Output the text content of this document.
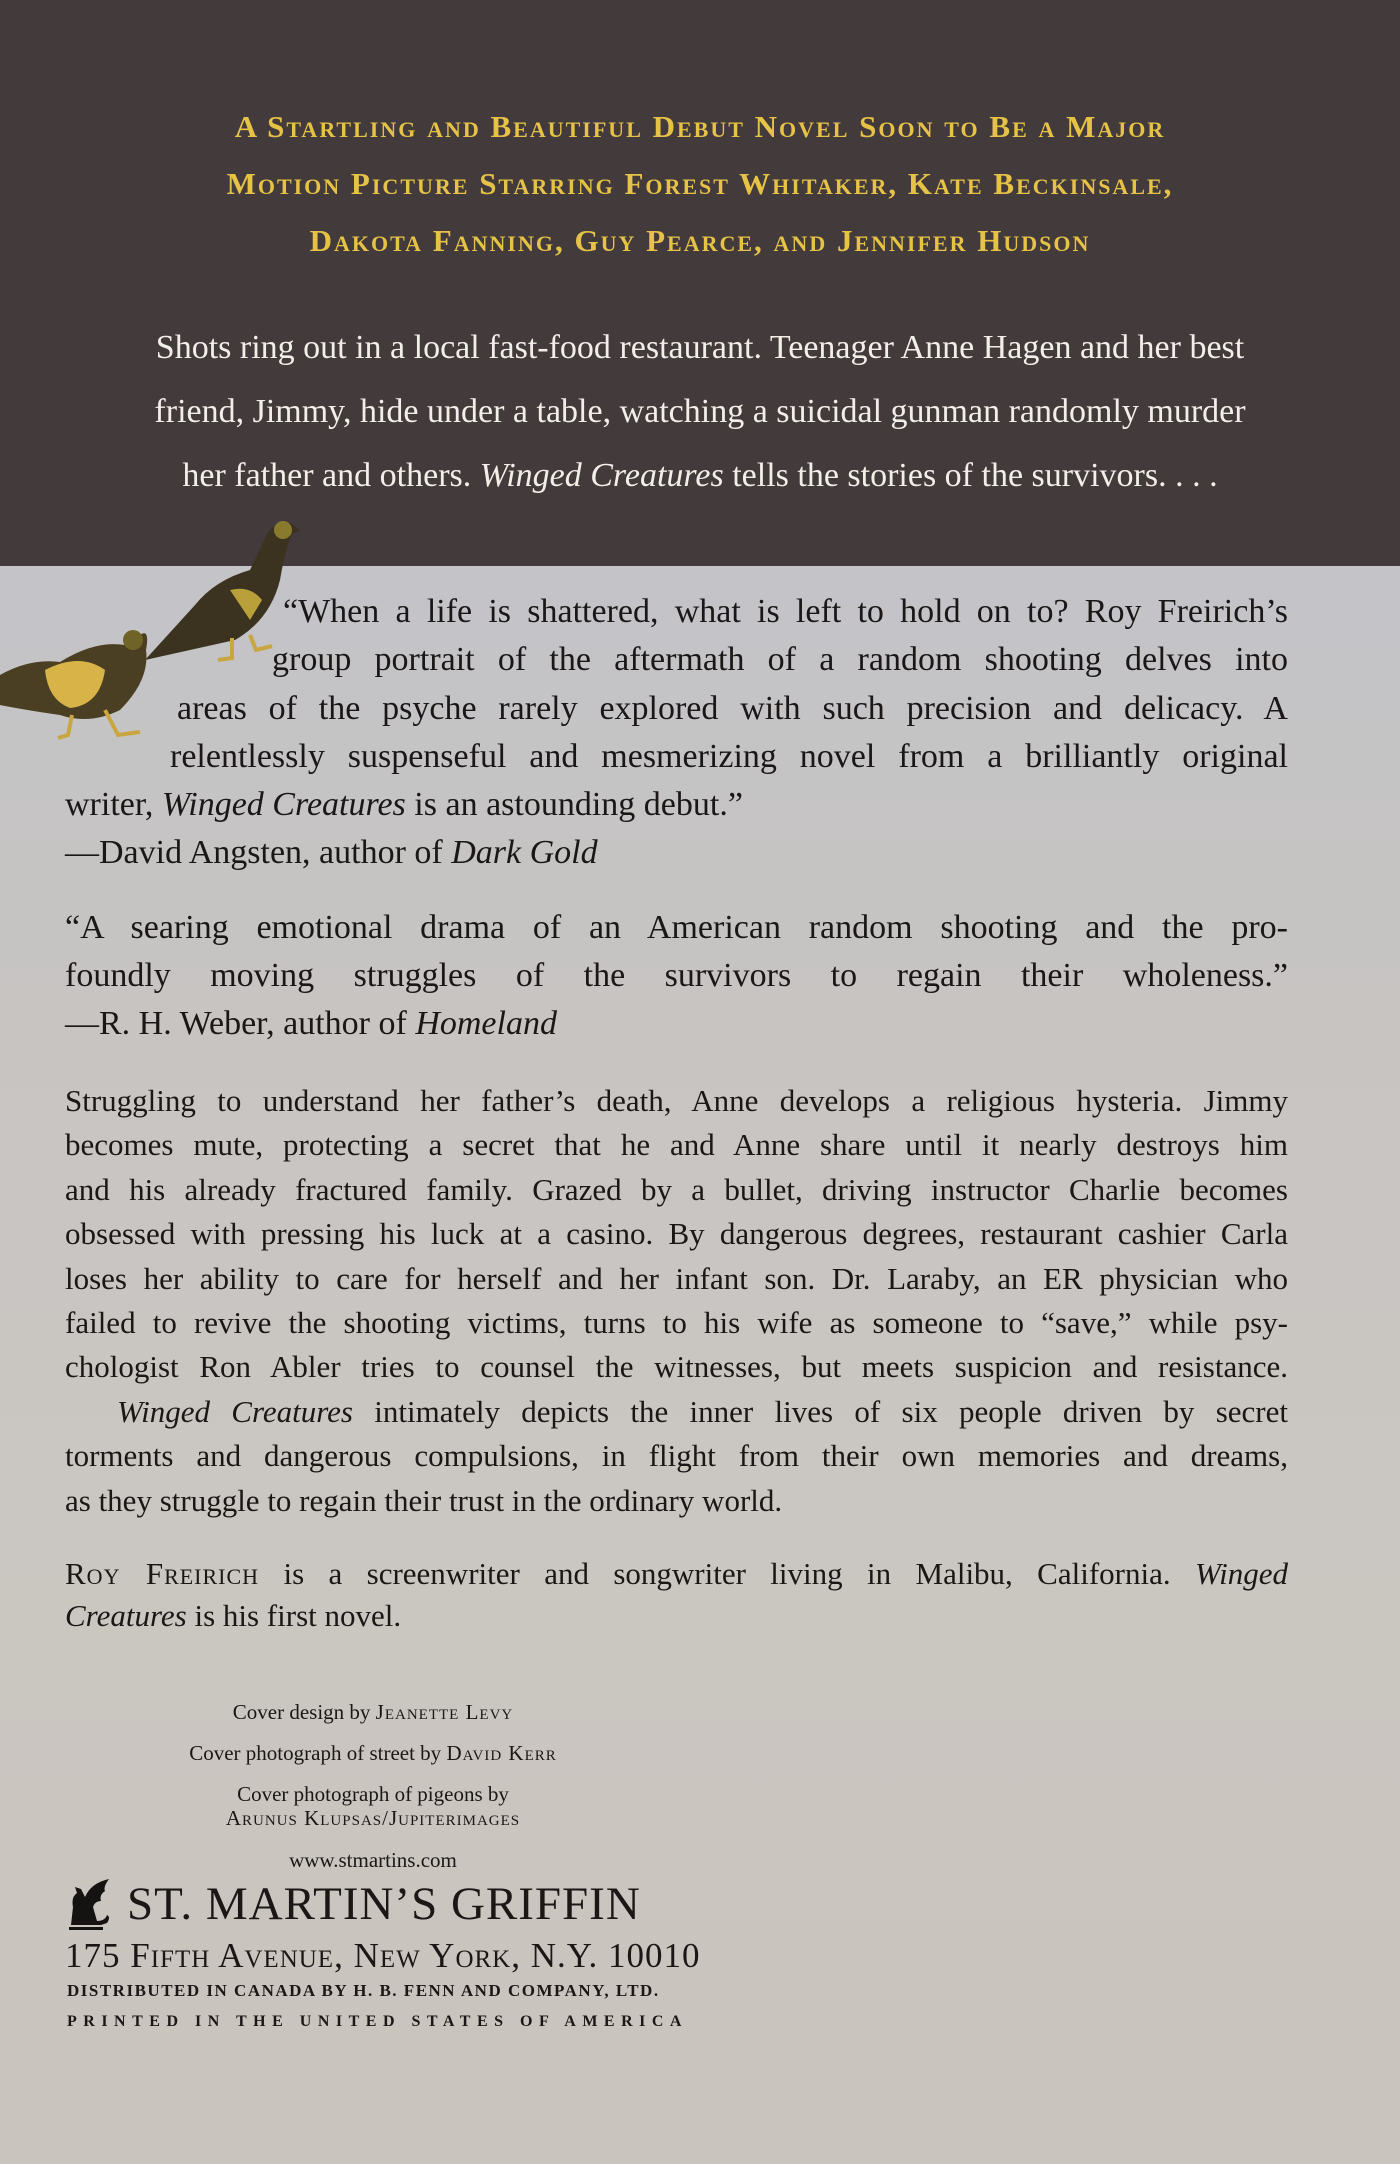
A Startling and Beautiful Debut Novel Soon to Be a Major
Motion Picture Starring Forest Whitaker, Kate Beckinsale,
Dakota Fanning, Guy Pearce, and Jennifer Hudson
Shots ring out in a local fast-food restaurant. Teenager Anne Hagen and her best
friend, Jimmy, hide under a table, watching a suicidal gunman randomly murder
her father and others. Winged Creatures tells the stories of the survivors. . . .
“When a life is shattered, what is left to hold on to? Roy Freirich’s
group portrait of the aftermath of a random shooting delves into
areas of the psyche rarely explored with such precision and delicacy. A
relentlessly suspenseful and mesmerizing novel from a brilliantly original
writer, Winged Creatures is an astounding debut.”
—David Angsten, author of Dark Gold
“A searing emotional drama of an American random shooting and the pro-
foundly moving struggles of the survivors to regain their wholeness.”
—R. H. Weber, author of Homeland
Struggling to understand her father’s death, Anne develops a religious hysteria. Jimmy
becomes mute, protecting a secret that he and Anne share until it nearly destroys him
and his already fractured family. Grazed by a bullet, driving instructor Charlie becomes
obsessed with pressing his luck at a casino. By dangerous degrees, restaurant cashier Carla
loses her ability to care for herself and her infant son. Dr. Laraby, an ER physician who
failed to revive the shooting victims, turns to his wife as someone to “save,” while psy-
chologist Ron Abler tries to counsel the witnesses, but meets suspicion and resistance.
Winged Creatures intimately depicts the inner lives of six people driven by secret
torments and dangerous compulsions, in flight from their own memories and dreams,
as they struggle to regain their trust in the ordinary world.
Roy Freirich is a screenwriter and songwriter living in Malibu, California. Winged
Creatures is his first novel.
Cover design by Jeanette Levy
Cover photograph of street by David Kerr
Cover photograph of pigeons by
Arunus Klupsas/Jupiterimages
www.stmartins.com
ST. MARTIN’S GRIFFIN
175 Fifth Avenue, New York, N.Y. 10010
DISTRIBUTED IN CANADA BY H. B. FENN AND COMPANY, LTD.
PRINTED IN THE UNITED STATES OF AMERICA
